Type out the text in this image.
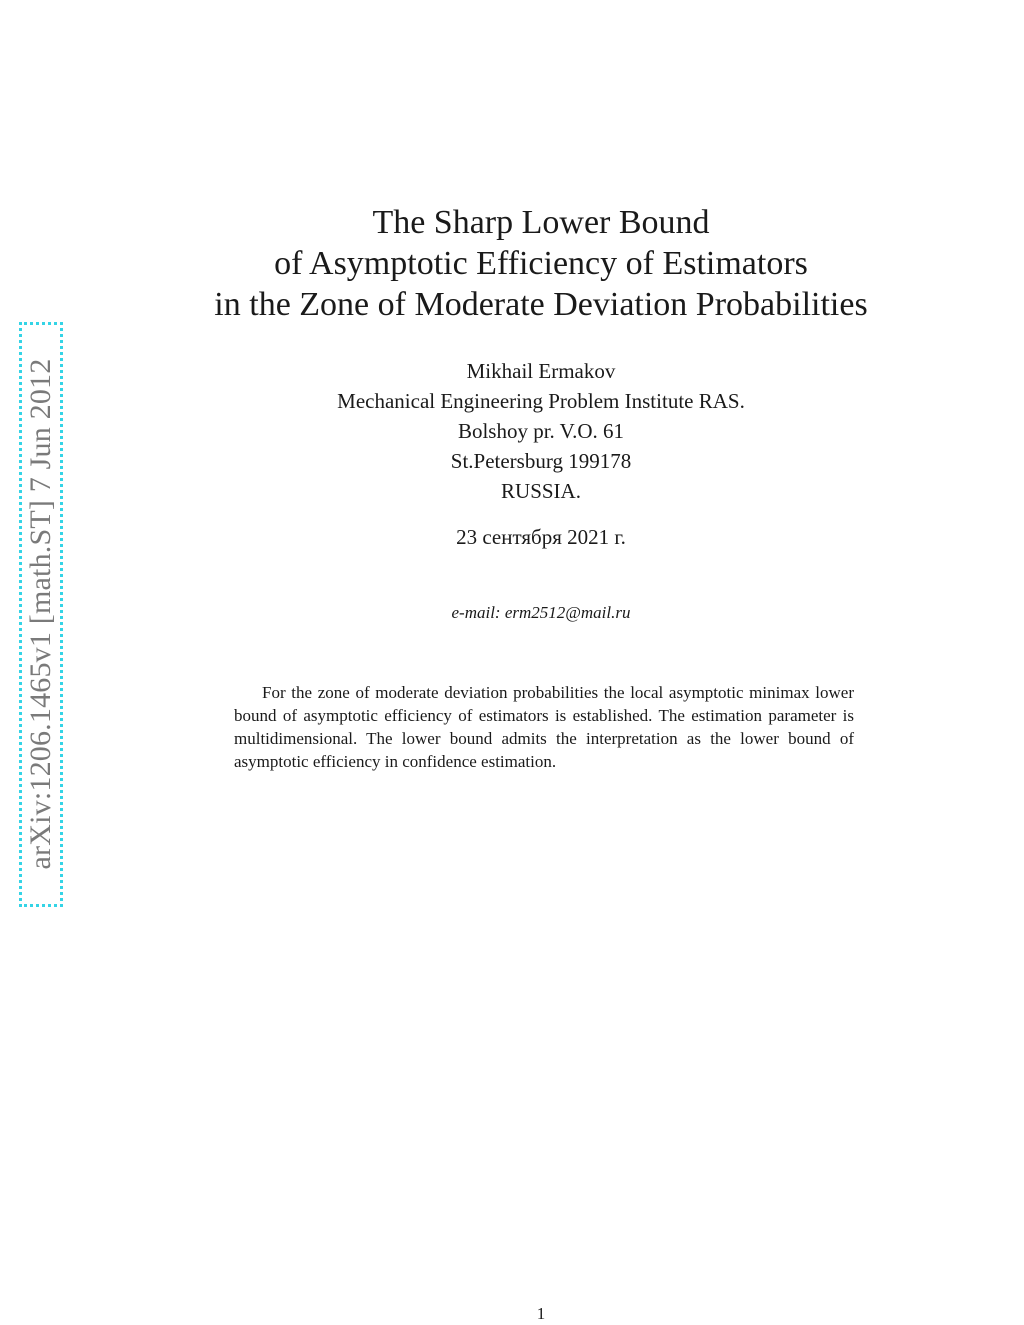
arXiv:1206.1465v1 [math.ST] 7 Jun 2012
The Sharp Lower Bound
of Asymptotic Efficiency of Estimators
in the Zone of Moderate Deviation Probabilities
Mikhail Ermakov
Mechanical Engineering Problem Institute RAS.
Bolshoy pr. V.O. 61
St.Petersburg 199178
RUSSIA.
23 сентября 2021 г.
e-mail: erm2512@mail.ru

For the zone of moderate deviation probabilities the local asymptotic minimax lower bound of asymptotic efficiency of estimators is established. The estimation parameter is multidimensional. The lower bound admits the interpretation as the lower bound of asymptotic efficiency in confidence estimation.

1
